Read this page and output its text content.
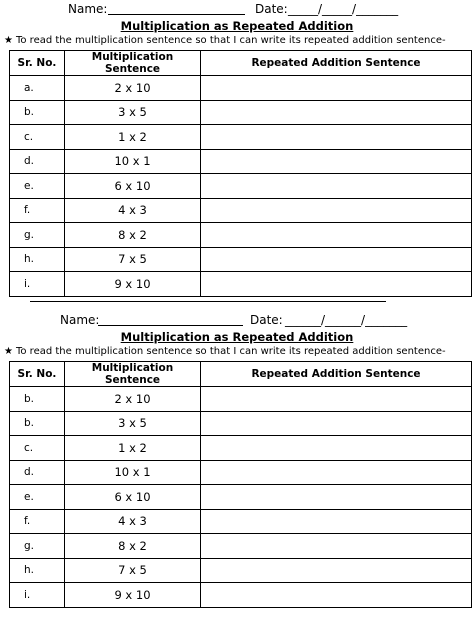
Name:	Date: _____/_____/_______
Multiplication as Repeated Addition
★ To read the multiplication sentence so that I can write its repeated addition sentence-
Sr. No.	Multiplication Sentence	Repeated Addition Sentence
a.	2 x 10	
b.	3 x 5	
c.	1 x 2	
d.	10 x 1	
e.	6 x 10	
f.	4 x 3	
g.	8 x 2	
h.	7 x 5	
i.	9 x 10	
Name:	Date: ______/______/_______
Multiplication as Repeated Addition
★ To read the multiplication sentence so that I can write its repeated addition sentence-
Sr. No.	Multiplication Sentence	Repeated Addition Sentence
b.	2 x 10	
b.	3 x 5	
c.	1 x 2	
d.	10 x 1	
e.	6 x 10	
f.	4 x 3	
g.	8 x 2	
h.	7 x 5	
i.	9 x 10	
